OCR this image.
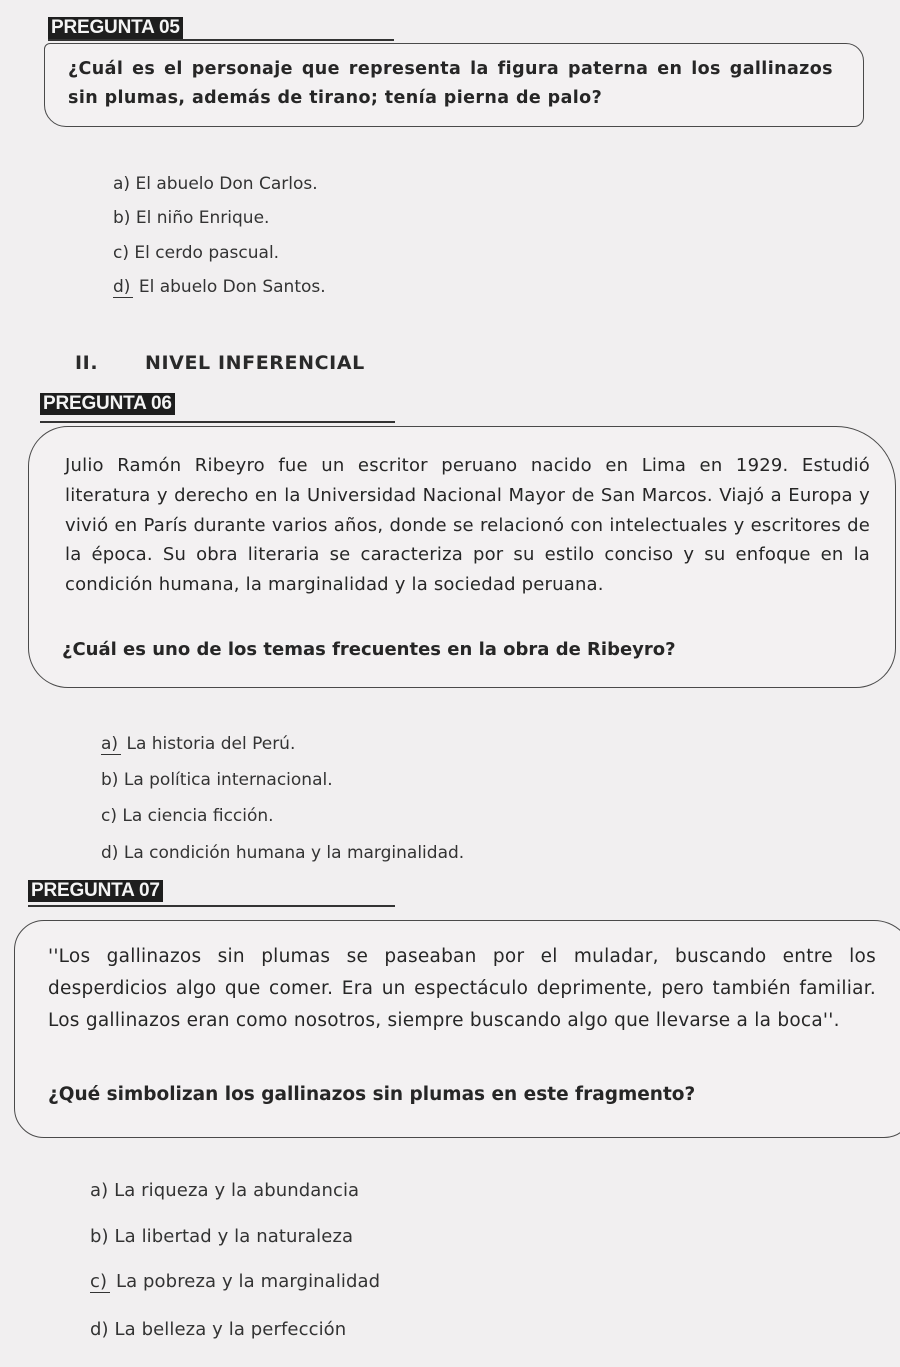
PREGUNTA 05
¿Cuál es el personaje que representa la figura paterna en los gallinazos sin plumas, además de tirano; tenía pierna de palo?
a) El abuelo Don Carlos.
b) El niño Enrique.
c) El cerdo pascual.
d) El abuelo Don Santos.
II. NIVEL INFERENCIAL
PREGUNTA 06
Julio Ramón Ribeyro fue un escritor peruano nacido en Lima en 1929. Estudió literatura y derecho en la Universidad Nacional Mayor de San Marcos. Viajó a Europa y vivió en París durante varios años, donde se relacionó con intelectuales y escritores de la época. Su obra literaria se caracteriza por su estilo conciso y su enfoque en la condición humana, la marginalidad y la sociedad peruana.
¿Cuál es uno de los temas frecuentes en la obra de Ribeyro?
a) La historia del Perú.
b) La política internacional.
c) La ciencia ficción.
d) La condición humana y la marginalidad.
PREGUNTA 07
''Los gallinazos sin plumas se paseaban por el muladar, buscando entre los desperdicios algo que comer. Era un espectáculo deprimente, pero también familiar. Los gallinazos eran como nosotros, siempre buscando algo que llevarse a la boca''.
¿Qué simbolizan los gallinazos sin plumas en este fragmento?
a) La riqueza y la abundancia
b) La libertad y la naturaleza
c) La pobreza y la marginalidad
d) La belleza y la perfección
